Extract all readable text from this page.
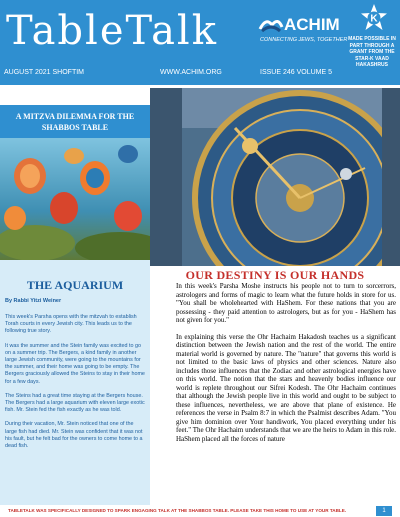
TableTalk	ACHIM
CONNECTING JEWS, TOGETHER
K
MADE POSSIBLE IN PART THROUGH A GRANT FROM THE STAR-K VAAD HAKASHRUS
AUGUST 2021 SHOFTIM	WWW.ACHIM.ORG	ISSUE 246 VOLUME 5
A MITZVA DILEMMA FOR THE SHABBOS TABLE
THE AQUARIUM
By Rabbi Yitzi Weiner

This week's Parsha opens with the mitzvah to establish Torah courts in every Jewish city. This leads us to the following true story.

It was the summer and the Stein family was excited to go on a summer trip. The Bergers, a kind family in another large Jewish community, were going to the mountains for the summer, and their home was going to be empty. The Bergers graciously allowed the Steins to stay in their home for a few days.

The Steins had a great time staying at the Bergers house. The Bergers had a large aquarium with eleven large exotic fish. Mr. Stein fed the fish exactly as he was told.

During their vacation, Mr. Stein noticed that one of the large fish had died. Mr. Stein was confident that it was not his fault, but he felt bad for the owners to come home to a dead fish.

OUR DESTINY IS OUR HANDS

In this week's Parsha Moshe instructs his people not to turn to sorcerrors, astrologers and forms of magic to learn what the future holds in store for us. "You shall be wholehearted with HaShem. For these nations that you are possessing - they paid attention to astrologers, but as for you - HaShem has not given for you."

In explaining this verse the Ohr Hachaim Hakadosh teaches us a significant distinction between the Jewish nation and the rest of the world. The entire material world is governed by nature. The "nature" that governs this world is not limited to the basic laws of physics and other sciences. Nature also includes those influences that the Zodiac and other astrological energies have on this world. The notion that the stars and heavenly bodies influence our world is replete throughout our Sifrei Kodesh. The Ohr Hachaim continues that although the Jewish people live in this world and ought to be subject to these influences, nevertheless, we are above that plane of existence. He references the verse in Psalm 8:7 in which the Psalmist describes Adam. "You give him dominion over Your handiwork, You placed everything under his feet." The Ohr Hachaim understands that we are the heirs to Adam in this role. HaShem placed all the forces of nature

TABLETALK WAS SPECIFICALLY DESIGNED TO SPARK ENGAGING TALK AT THE SHABBOS TABLE. PLEASE TAKE THIS HOME TO USE AT YOUR TABLE.	1
